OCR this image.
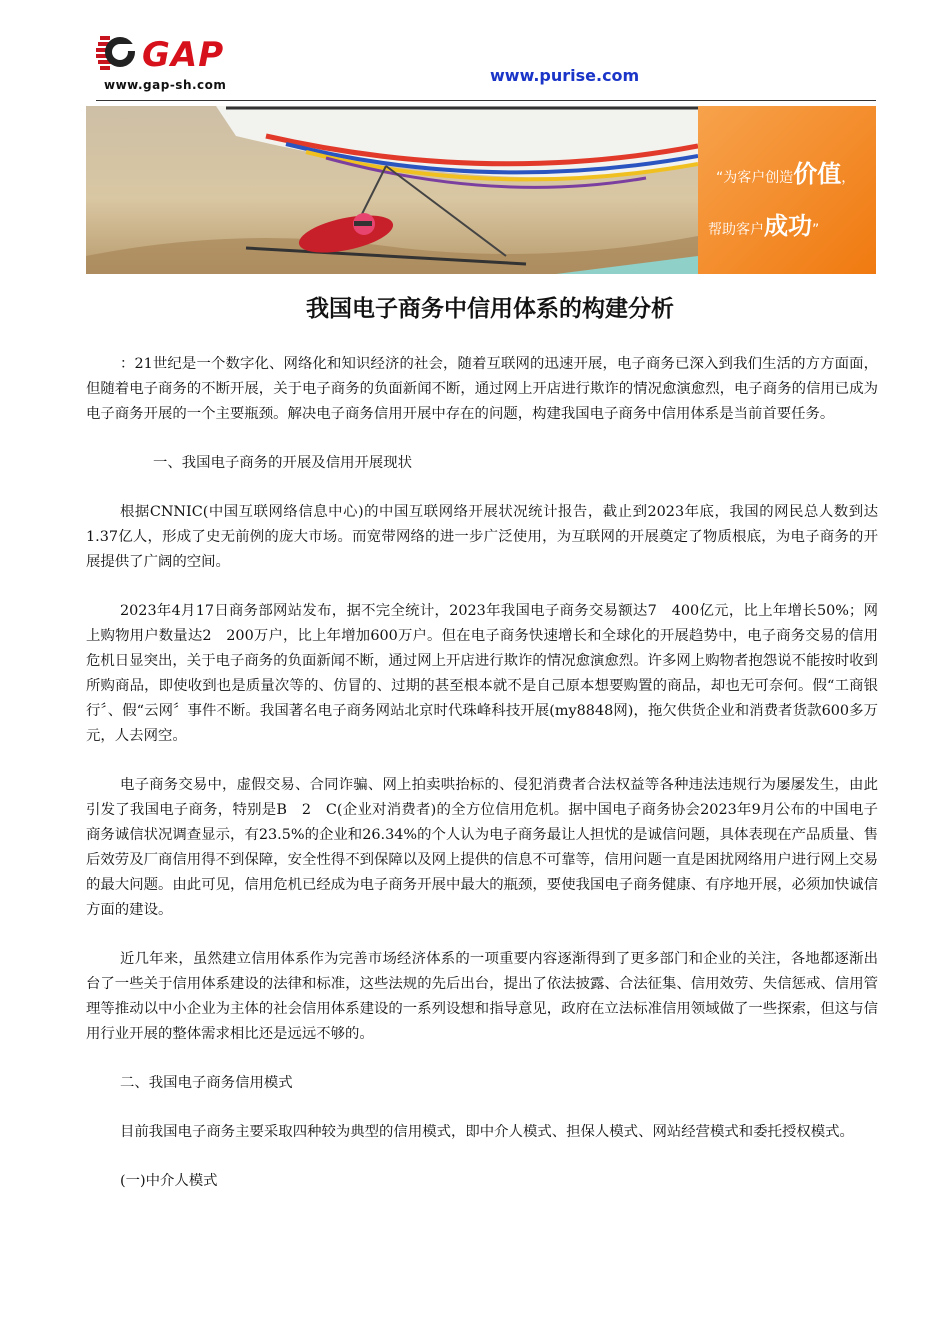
GAP
www.gap-sh.com	www.purise.com
“为客户创造价值，
帮助客户成功”
我国电子商务中信用体系的构建分析

：21世纪是一个数字化、网络化和知识经济的社会，随着互联网的迅速开展，电子商务已深入到我们生活的方方面面，但随着电子商务的不断开展，关于电子商务的负面新闻不断，通过网上开店进行欺诈的情况愈演愈烈，电子商务的信用已成为电子商务开展的一个主要瓶颈。解决电子商务信用开展中存在的问题，构建我国电子商务中信用体系是当前首要任务。

一、我国电子商务的开展及信用开展现状

根据CNNIC(中国互联网络信息中心)的中国互联网络开展状况统计报告，截止到2023年底，我国的网民总人数到达1.37亿人，形成了史无前例的庞大市场。而宽带网络的进一步广泛使用，为互联网的开展奠定了物质根底，为电子商务的开展提供了广阔的空间。

2023年4月17日商务部网站发布，据不完全统计，2023年我国电子商务交易额达7　400亿元，比上年增长50%；网上购物用户数量达2　200万户，比上年增加600万户。但在电子商务快速增长和全球化的开展趋势中，电子商务交易的信用危机日显突出，关于电子商务的负面新闻不断，通过网上开店进行欺诈的情况愈演愈烈。许多网上购物者抱怨说不能按时收到所购商品，即使收到也是质量次等的、仿冒的、过期的甚至根本就不是自己原本想要购置的商品，却也无可奈何。假“工商银行〞、假“云网〞事件不断。我国著名电子商务网站北京时代珠峰科技开展(my8848网)，拖欠供货企业和消费者货款600多万元，人去网空。

电子商务交易中，虚假交易、合同诈骗、网上拍卖哄抬标的、侵犯消费者合法权益等各种违法违规行为屡屡发生，由此引发了我国电子商务，特别是B　2　C(企业对消费者)的全方位信用危机。据中国电子商务协会2023年9月公布的中国电子商务诚信状况调查显示，有23.5%的企业和26.34%的个人认为电子商务最让人担忧的是诚信问题，具体表现在产品质量、售后效劳及厂商信用得不到保障，安全性得不到保障以及网上提供的信息不可靠等，信用问题一直是困扰网络用户进行网上交易的最大问题。由此可见，信用危机已经成为电子商务开展中最大的瓶颈，要使我国电子商务健康、有序地开展，必须加快诚信方面的建设。

近几年来，虽然建立信用体系作为完善市场经济体系的一项重要内容逐渐得到了更多部门和企业的关注，各地都逐渐出台了一些关于信用体系建设的法律和标准，这些法规的先后出台，提出了依法披露、合法征集、信用效劳、失信惩戒、信用管理等推动以中小企业为主体的社会信用体系建设的一系列设想和指导意见，政府在立法标准信用领域做了一些探索，但这与信用行业开展的整体需求相比还是远远不够的。

二、我国电子商务信用模式

目前我国电子商务主要采取四种较为典型的信用模式，即中介人模式、担保人模式、网站经营模式和委托授权模式。

(一)中介人模式
